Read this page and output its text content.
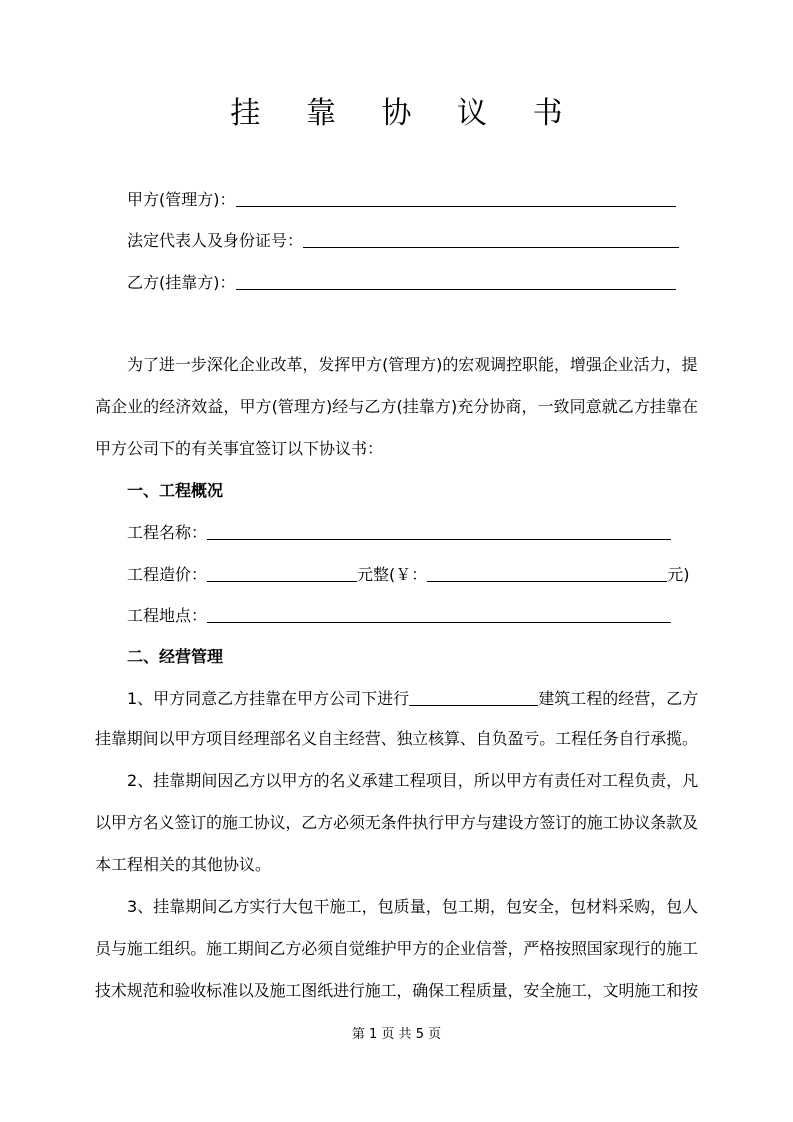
挂 靠 协 议 书
甲方(管理方)：
法定代表人及身份证号：
乙方(挂靠方)：
为了进一步深化企业改革，发挥甲方(管理方)的宏观调控职能，增强企业活力，提
高企业的经济效益，甲方(管理方)经与乙方(挂靠方)充分协商，一致同意就乙方挂靠在
甲方公司下的有关事宜签订以下协议书：
一、工程概况
工程名称：
工程造价：	元整(￥：	元)
工程地点：
二、经营管理
1、甲方同意乙方挂靠在甲方公司下进行	建筑工程的经营，乙方
挂靠期间以甲方项目经理部名义自主经营、独立核算、自负盈亏。工程任务自行承揽。
2、挂靠期间因乙方以甲方的名义承建工程项目，所以甲方有责任对工程负责，凡
以甲方名义签订的施工协议，乙方必须无条件执行甲方与建设方签订的施工协议条款及
本工程相关的其他协议。
3、挂靠期间乙方实行大包干施工，包质量，包工期，包安全，包材料采购，包人
员与施工组织。施工期间乙方必须自觉维护甲方的企业信誉，严格按照国家现行的施工
技术规范和验收标准以及施工图纸进行施工，确保工程质量，安全施工，文明施工和按
第 1 页 共 5 页
